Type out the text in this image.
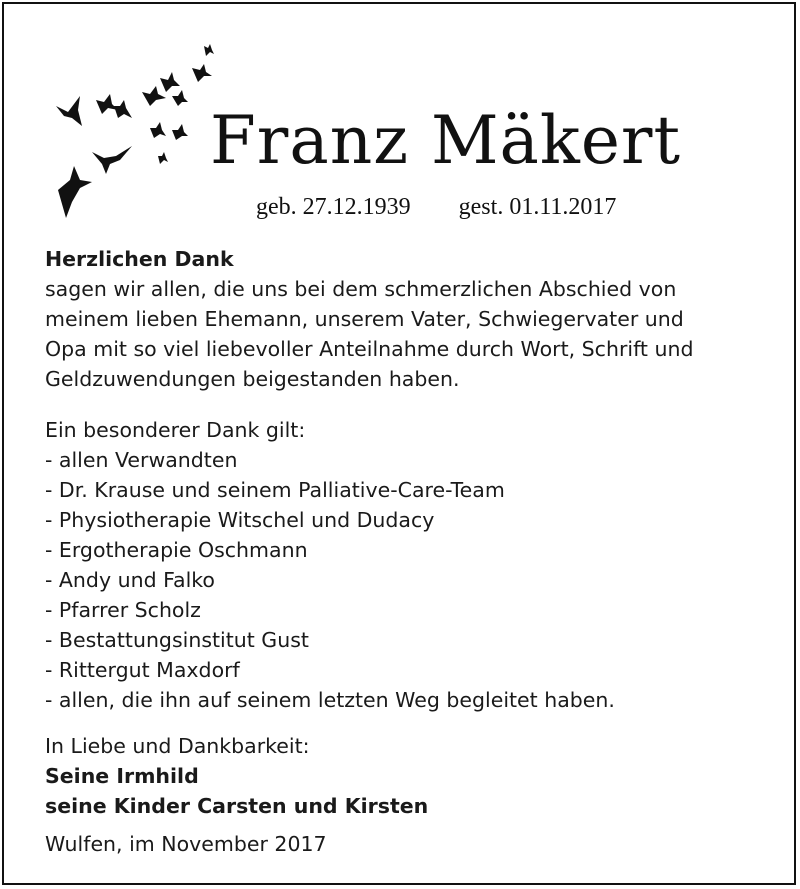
Franz Mäkert
geb. 27.12.1939 gest. 01.11.2017
Herzlichen Dank
sagen wir allen, die uns bei dem schmerzlichen Abschied von
meinem lieben Ehemann, unserem Vater, Schwiegervater und
Opa mit so viel liebevoller Anteilnahme durch Wort, Schrift und
Geldzuwendungen beigestanden haben.
Ein besonderer Dank gilt:
- allen Verwandten
- Dr. Krause und seinem Palliative-Care-Team
- Physiotherapie Witschel und Dudacy
- Ergotherapie Oschmann
- Andy und Falko
- Pfarrer Scholz
- Bestattungsinstitut Gust
- Rittergut Maxdorf
- allen, die ihn auf seinem letzten Weg begleitet haben.
In Liebe und Dankbarkeit:
Seine Irmhild
seine Kinder Carsten und Kirsten
Wulfen, im November 2017
